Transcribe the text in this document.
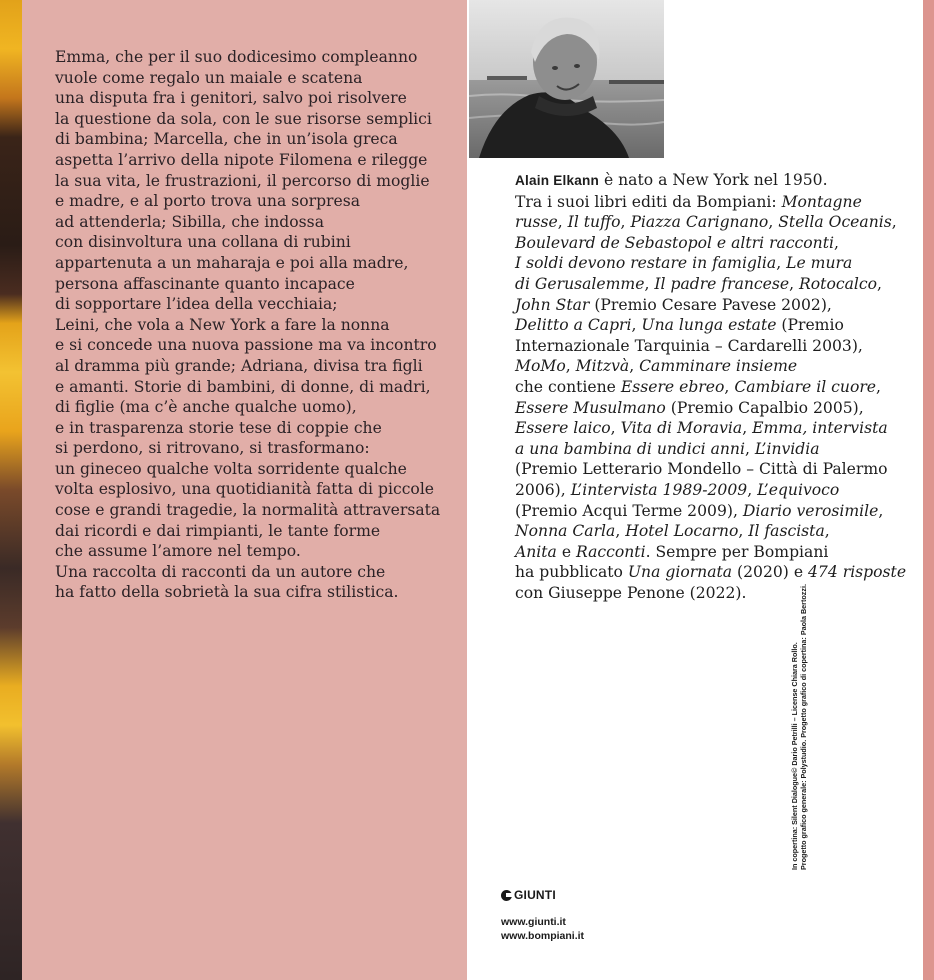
Emma, che per il suo dodicesimo compleanno
vuole come regalo un maiale e scatena
una disputa fra i genitori, salvo poi risolvere
la questione da sola, con le sue risorse semplici
di bambina; Marcella, che in un’isola greca
aspetta l’arrivo della nipote Filomena e rilegge
la sua vita, le frustrazioni, il percorso di moglie
e madre, e al porto trova una sorpresa
ad attenderla; Sibilla, che indossa
con disinvoltura una collana di rubini
appartenuta a un maharaja e poi alla madre,
persona affascinante quanto incapace
di sopportare l’idea della vecchiaia;
Leini, che vola a New York a fare la nonna
e si concede una nuova passione ma va incontro
al dramma più grande; Adriana, divisa tra figli
e amanti. Storie di bambini, di donne, di madri,
di figlie (ma c’è anche qualche uomo),
e in trasparenza storie tese di coppie che
si perdono, si ritrovano, si trasformano:
un gineceo qualche volta sorridente qualche
volta esplosivo, una quotidianità fatta di piccole
cose e grandi tragedie, la normalità attraversata
dai ricordi e dai rimpianti, le tante forme
che assume l’amore nel tempo.
Una raccolta di racconti da un autore che
ha fatto della sobrietà la sua cifra stilistica.

Alain Elkann è nato a New York nel 1950.
Tra i suoi libri editi da Bompiani: Montagne
russe, Il tuffo, Piazza Carignano, Stella Oceanis,
Boulevard de Sebastopol e altri racconti,
I soldi devono restare in famiglia, Le mura
di Gerusalemme, Il padre francese, Rotocalco,
John Star (Premio Cesare Pavese 2002),
Delitto a Capri, Una lunga estate (Premio
Internazionale Tarquinia – Cardarelli 2003),
MoMo, Mitzvà, Camminare insieme
che contiene Essere ebreo, Cambiare il cuore,
Essere Musulmano (Premio Capalbio 2005),
Essere laico, Vita di Moravia, Emma, intervista
a una bambina di undici anni, L’invidia
(Premio Letterario Mondello – Città di Palermo
2006), L’intervista 1989-2009, L’equivoco
(Premio Acqui Terme 2009), Diario verosimile,
Nonna Carla, Hotel Locarno, Il fascista,
Anita e Racconti. Sempre per Bompiani
ha pubblicato Una giornata (2020) e 474 risposte
con Giuseppe Penone (2022).
GIUNTI
www.giunti.it
www.bompiani.it
In copertina: Silent Dialogue© Dario Petrilli – License Chiara Rollo. Progetto grafico generale: Polystudio. Progetto grafico di copertina: Paola Bertozzi.
